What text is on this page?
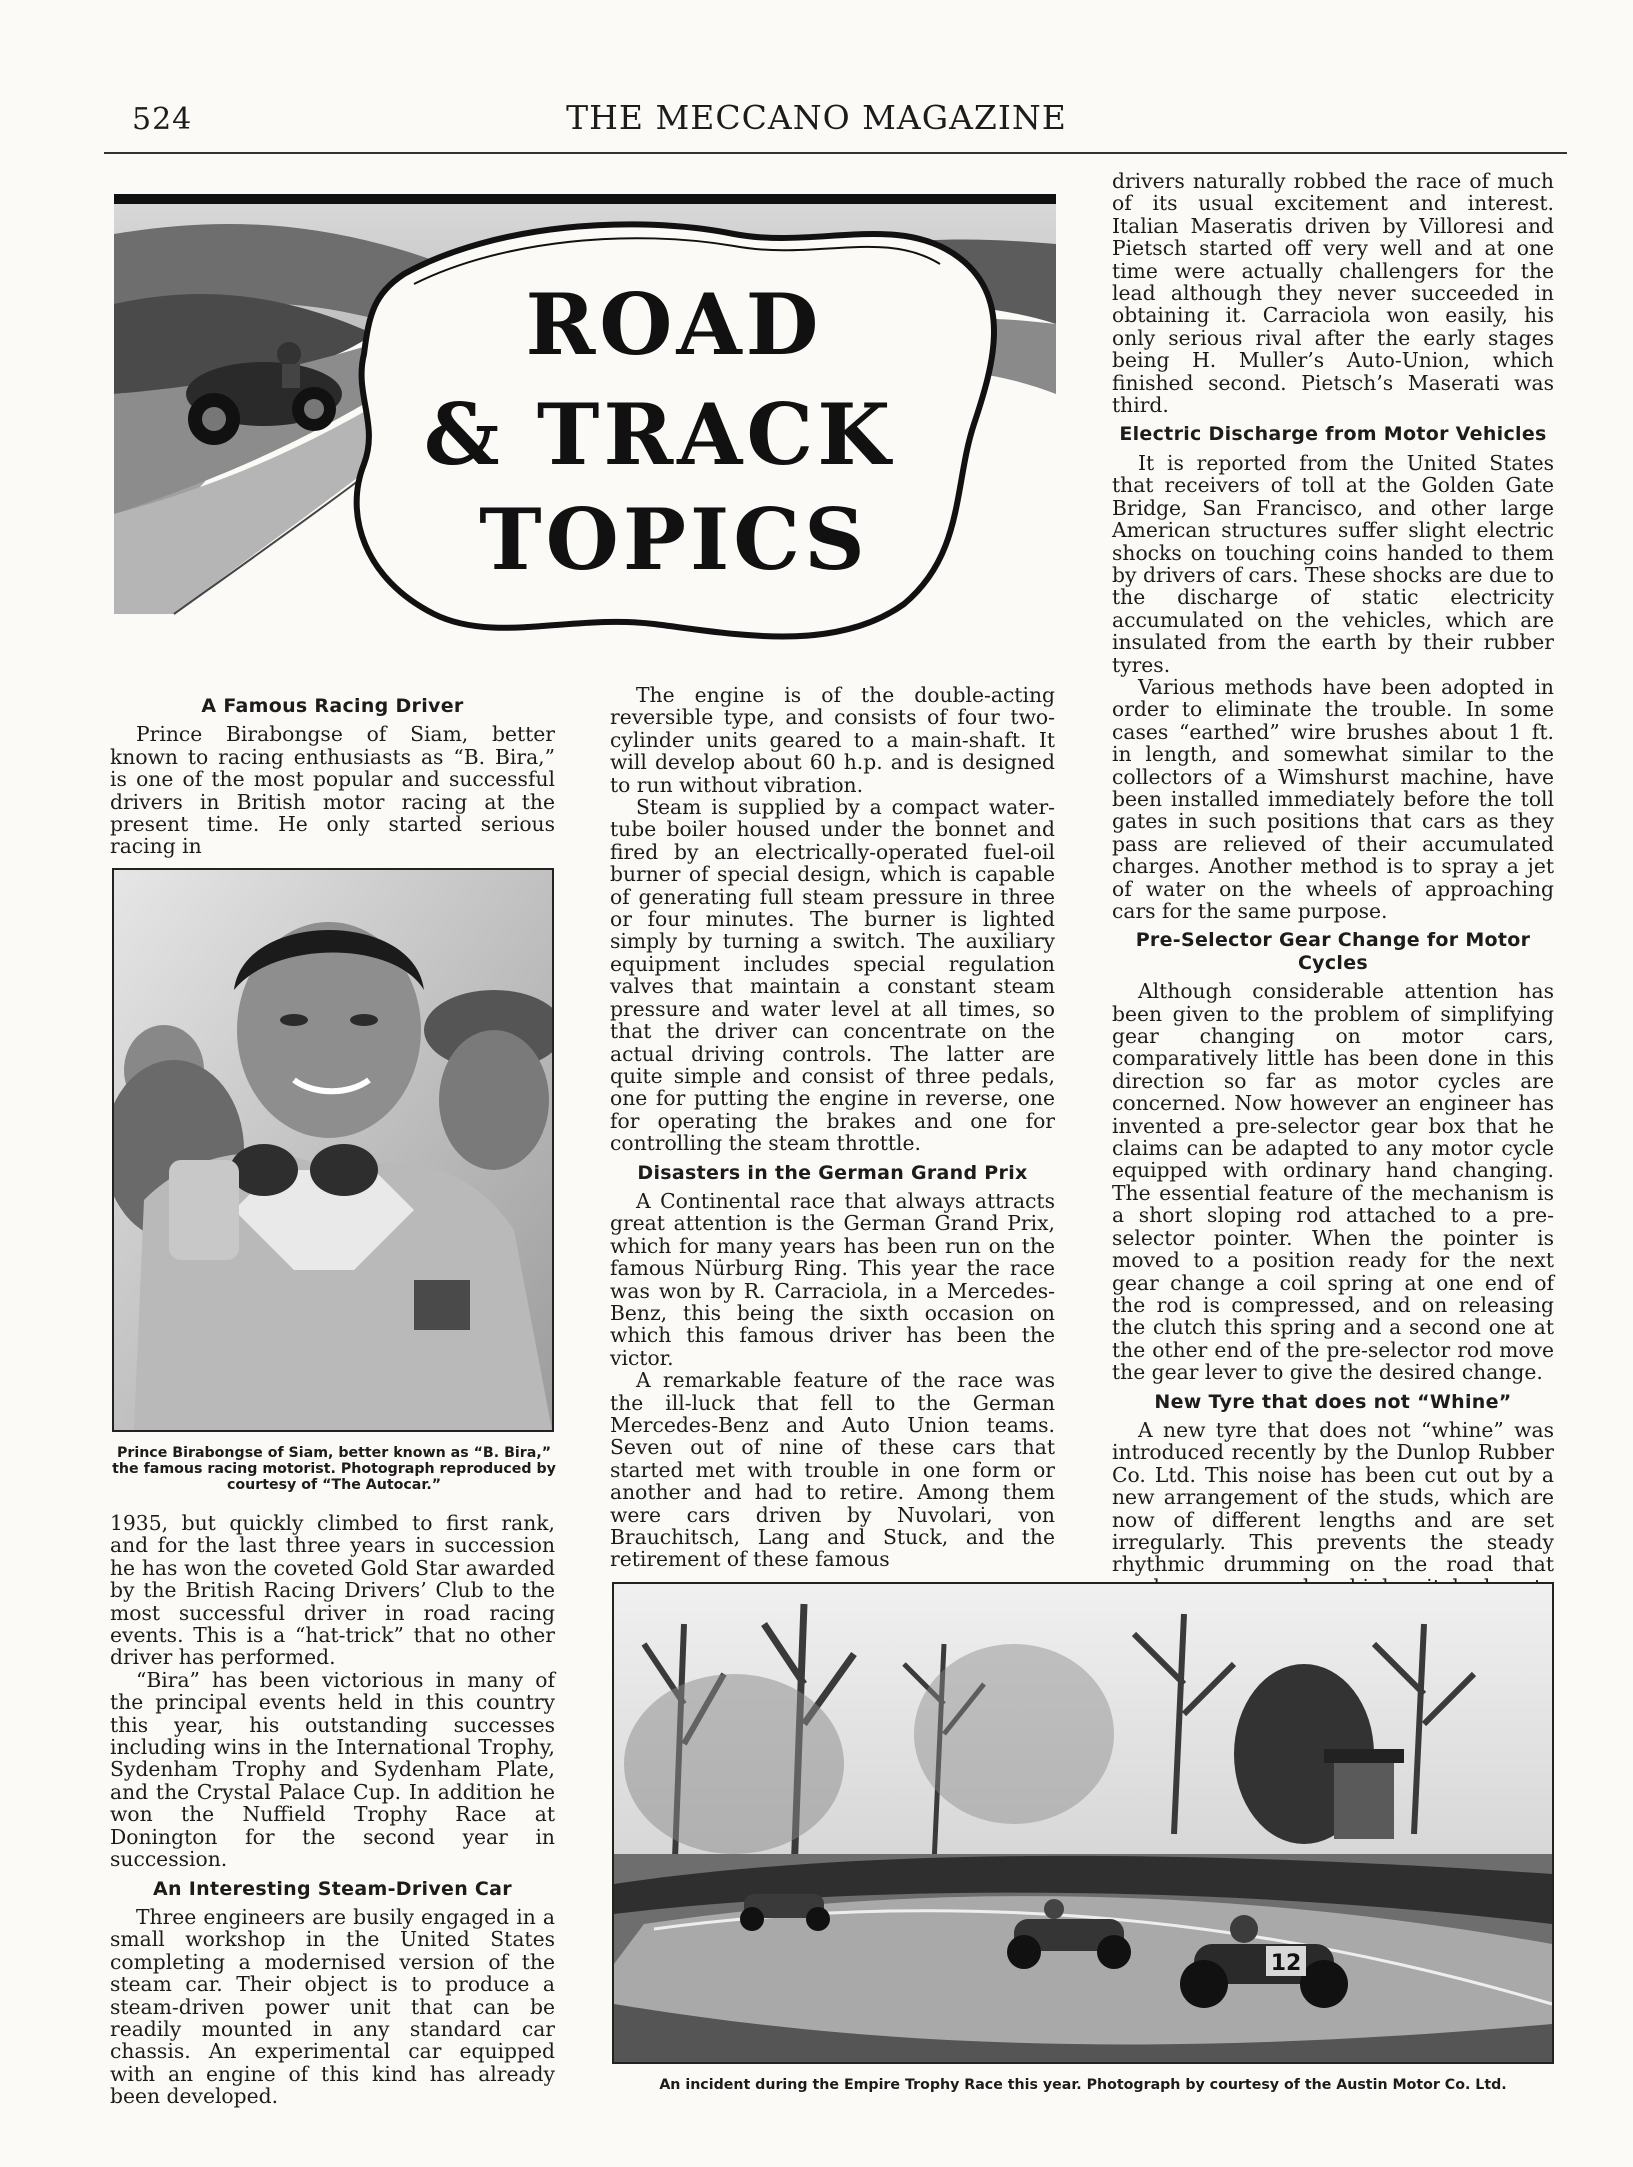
524	THE MECCANO MAGAZINE
ROAD
& TRACK
TOPICS
A Famous Racing Driver

Prince Birabongse of Siam, better known to racing enthusiasts as “B. Bira,” is one of the most popular and successful drivers in British motor racing at the present time. He only started serious racing in

Prince Birabongse of Siam, better known as “B. Bira,” the famous racing motorist. Photograph reproduced by courtesy of “The Autocar.”

1935, but quickly climbed to first rank, and for the last three years in succession he has won the coveted Gold Star awarded by the British Racing Drivers’ Club to the most successful driver in road racing events. This is a “hat-trick” that no other driver has performed.

“Bira” has been victorious in many of the principal events held in this country this year, his outstanding successes including wins in the International Trophy, Sydenham Trophy and Sydenham Plate, and the Crystal Palace Cup. In addition he won the Nuffield Trophy Race at Donington for the second year in succession.

An Interesting Steam-Driven Car

Three engineers are busily engaged in a small workshop in the United States completing a modernised version of the steam car. Their object is to produce a steam-driven power unit that can be readily mounted in any standard car chassis. An experimental car equipped with an engine of this kind has already been developed.

The engine is of the double-acting reversible type, and consists of four two-cylinder units geared to a main-shaft. It will develop about 60 h.p. and is designed to run without vibration.

Steam is supplied by a compact water-tube boiler housed under the bonnet and fired by an electrically-operated fuel-oil burner of special design, which is capable of generating full steam pressure in three or four minutes. The burner is lighted simply by turning a switch. The auxiliary equipment includes special regulation valves that maintain a constant steam pressure and water level at all times, so that the driver can concentrate on the actual driving controls. The latter are quite simple and consist of three pedals, one for putting the engine in reverse, one for operating the brakes and one for controlling the steam throttle.

Disasters in the German Grand Prix

A Continental race that always attracts great attention is the German Grand Prix, which for many years has been run on the famous Nürburg Ring. This year the race was won by R. Carraciola, in a Mercedes-Benz, this being the sixth occasion on which this famous driver has been the victor.

A remarkable feature of the race was the ill-luck that fell to the German Mercedes-Benz and Auto Union teams. Seven out of nine of these cars that started met with trouble in one form or another and had to retire. Among them were cars driven by Nuvolari, von Brauchitsch, Lang and Stuck, and the retirement of these famous

drivers naturally robbed the race of much of its usual excitement and interest. Italian Maseratis driven by Villoresi and Pietsch started off very well and at one time were actually challengers for the lead although they never succeeded in obtaining it. Carraciola won easily, his only serious rival after the early stages being H. Muller’s Auto-Union, which finished second. Pietsch’s Maserati was third.

Electric Discharge from Motor Vehicles

It is reported from the United States that receivers of toll at the Golden Gate Bridge, San Francisco, and other large American structures suffer slight electric shocks on touching coins handed to them by drivers of cars. These shocks are due to the discharge of static electricity accumulated on the vehicles, which are insulated from the earth by their rubber tyres.

Various methods have been adopted in order to eliminate the trouble. In some cases “earthed” wire brushes about 1 ft. in length, and somewhat similar to the collectors of a Wimshurst machine, have been installed immediately before the toll gates in such positions that cars as they pass are relieved of their accumulated charges. Another method is to spray a jet of water on the wheels of approaching cars for the same purpose.

Pre-Selector Gear Change for Motor Cycles

Although considerable attention has been given to the problem of simplifying gear changing on motor cars, comparatively little has been done in this direction so far as motor cycles are concerned. Now however an engineer has invented a pre-selector gear box that he claims can be adapted to any motor cycle equipped with ordinary hand changing. The essential feature of the mechanism is a short sloping rod attached to a pre-selector pointer. When the pointer is moved to a position ready for the next gear change a coil spring at one end of the rod is compressed, and on releasing the clutch this spring and a second one at the other end of the pre-selector rod move the gear lever to give the desired change.

New Tyre that does not “Whine”

A new tyre that does not “whine” was introduced recently by the Dunlop Rubber Co. Ltd. This noise has been cut out by a new arrangement of the studs, which are now of different lengths and are set irregularly. This prevents the steady rhythmic drumming on the road that

12
An incident during the Empire Trophy Race this year. Photograph by courtesy of the Austin Motor Co. Ltd.
